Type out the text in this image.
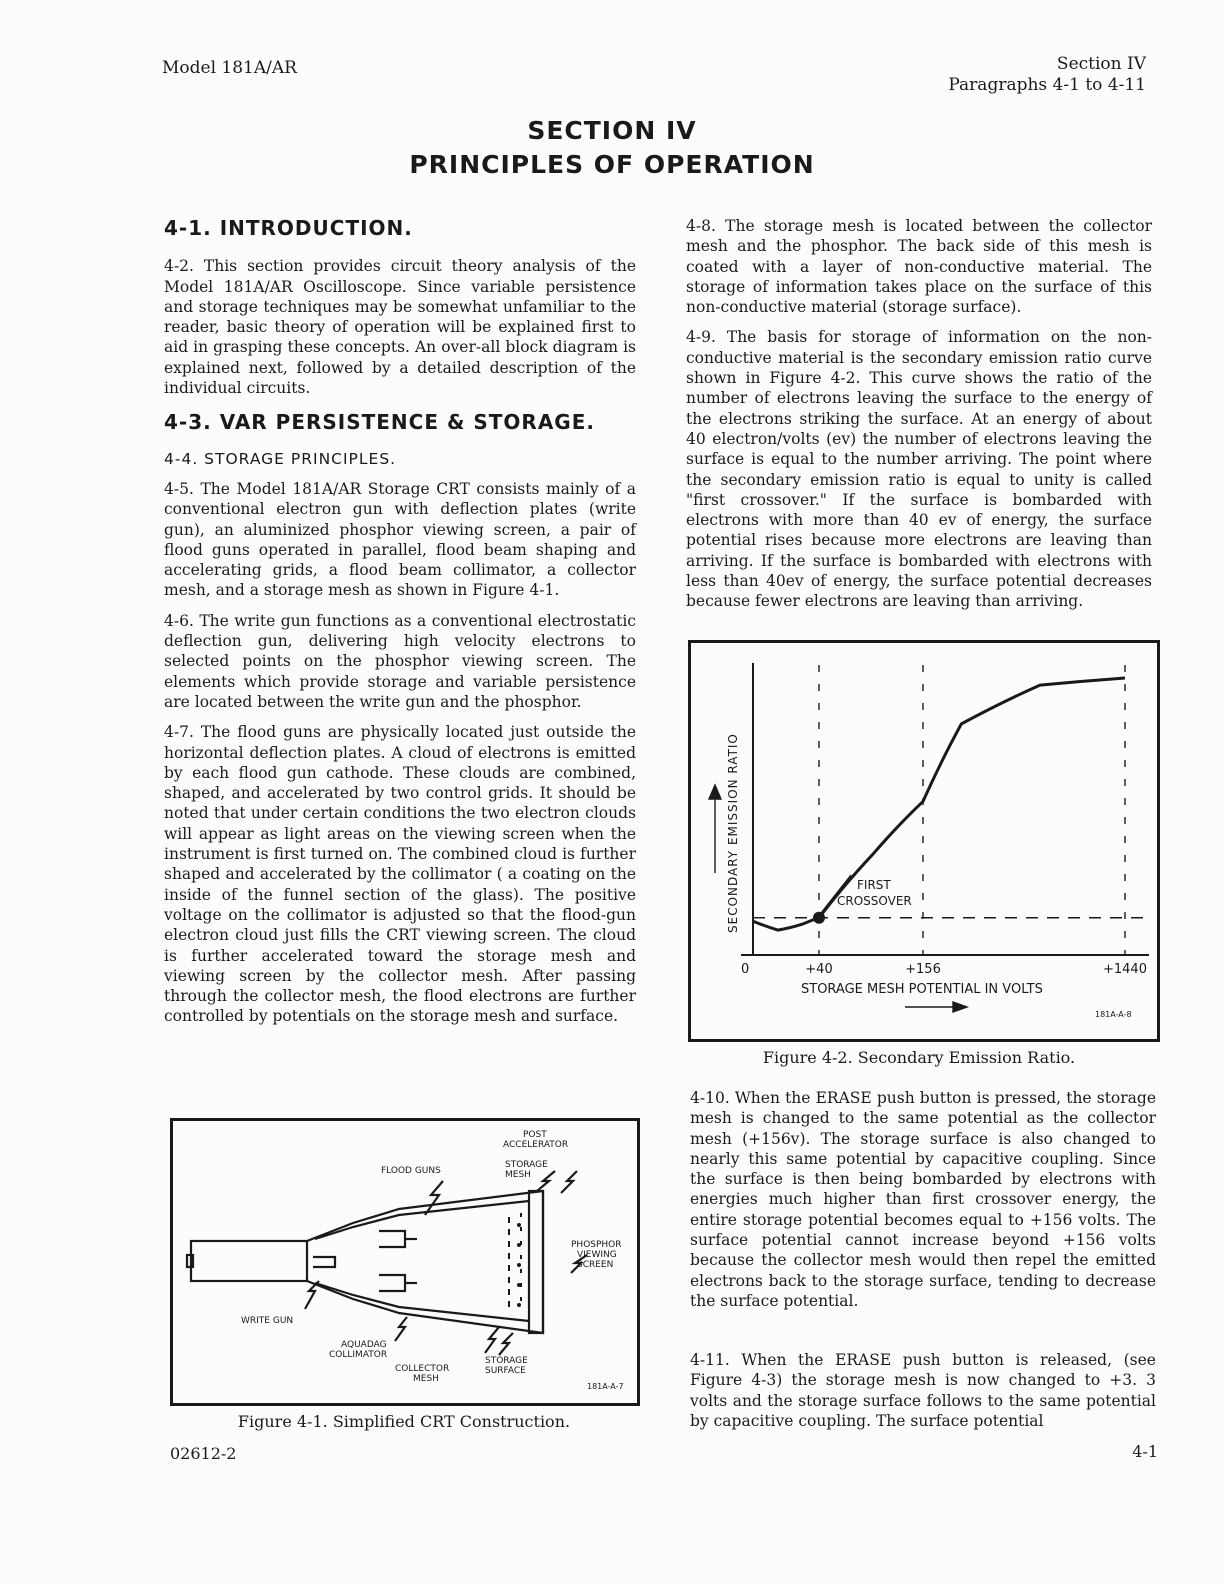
Model 181A/AR	Section IV
Paragraphs 4-1 to 4-11
SECTION IV
PRINCIPLES OF OPERATION
4-1. INTRODUCTION.

4-2. This section provides circuit theory analysis of the Model 181A/AR Oscilloscope. Since variable persistence and storage techniques may be somewhat unfamiliar to the reader, basic theory of operation will be explained first to aid in grasping these concepts. An over-all block diagram is explained next, followed by a detailed description of the individual circuits.

4-3. VAR PERSISTENCE & STORAGE.
4-4. STORAGE PRINCIPLES.

4-5. The Model 181A/AR Storage CRT consists mainly of a conventional electron gun with deflection plates (write gun), an aluminized phosphor viewing screen, a pair of flood guns operated in parallel, flood beam shaping and accelerating grids, a flood beam collimator, a collector mesh, and a storage mesh as shown in Figure 4-1.

4-6. The write gun functions as a conventional electrostatic deflection gun, delivering high velocity electrons to selected points on the phosphor viewing screen. The elements which provide storage and variable persistence are located between the write gun and the phosphor.

4-7. The flood guns are physically located just outside the horizontal deflection plates. A cloud of electrons is emitted by each flood gun cathode. These clouds are combined, shaped, and accelerated by two control grids. It should be noted that under certain conditions the two electron clouds will appear as light areas on the viewing screen when the instrument is first turned on. The combined cloud is further shaped and accelerated by the collimator ( a coating on the inside of the funnel section of the glass). The positive voltage on the collimator is adjusted so that the flood-gun electron cloud just fills the CRT viewing screen. The cloud is further accelerated toward the storage mesh and viewing screen by the collector mesh. After passing through the collector mesh, the flood electrons are further controlled by potentials on the storage mesh and surface.

POST
ACCELERATOR
FLOOD GUNS
STORAGE
MESH
PHOSPHOR
VIEWING
SCREEN
WRITE GUN
AQUADAG
COLLIMATOR
COLLECTOR
MESH
STORAGE
SURFACE
181A-A-7
Figure 4-1. Simplified CRT Construction.

4-8. The storage mesh is located between the collector mesh and the phosphor. The back side of this mesh is coated with a layer of non-conductive material. The storage of information takes place on the surface of this non-conductive material (storage surface).

4-9. The basis for storage of information on the non-conductive material is the secondary emission ratio curve shown in Figure 4-2. This curve shows the ratio of the number of electrons leaving the surface to the energy of the electrons striking the surface. At an energy of about 40 electron/volts (ev) the number of electrons leaving the surface is equal to the number arriving. The point where the secondary emission ratio is equal to unity is called "first crossover." If the surface is bombarded with electrons with more than 40 ev of energy, the surface potential rises because more electrons are leaving than arriving. If the surface is bombarded with electrons with less than 40ev of energy, the surface potential decreases because fewer electrons are leaving than arriving.

0	+40	+156	+1440
SECONDARY EMISSION RATIO
STORAGE MESH POTENTIAL IN VOLTS
FIRST
CROSSOVER
181A-A-8
Figure 4-2. Secondary Emission Ratio.

4-10. When the ERASE push button is pressed, the storage mesh is changed to the same potential as the collector mesh (+156v). The storage surface is also changed to nearly this same potential by capacitive coupling. Since the surface is then being bombarded by electrons with energies much higher than first crossover energy, the entire storage potential becomes equal to +156 volts. The surface potential cannot increase beyond +156 volts because the collector mesh would then repel the emitted electrons back to the storage surface, tending to decrease the surface potential.

4-11. When the ERASE push button is released, (see Figure 4-3) the storage mesh is now changed to +3. 3 volts and the storage surface follows to the same potential by capacitive coupling. The surface potential

02612-2	4-1
